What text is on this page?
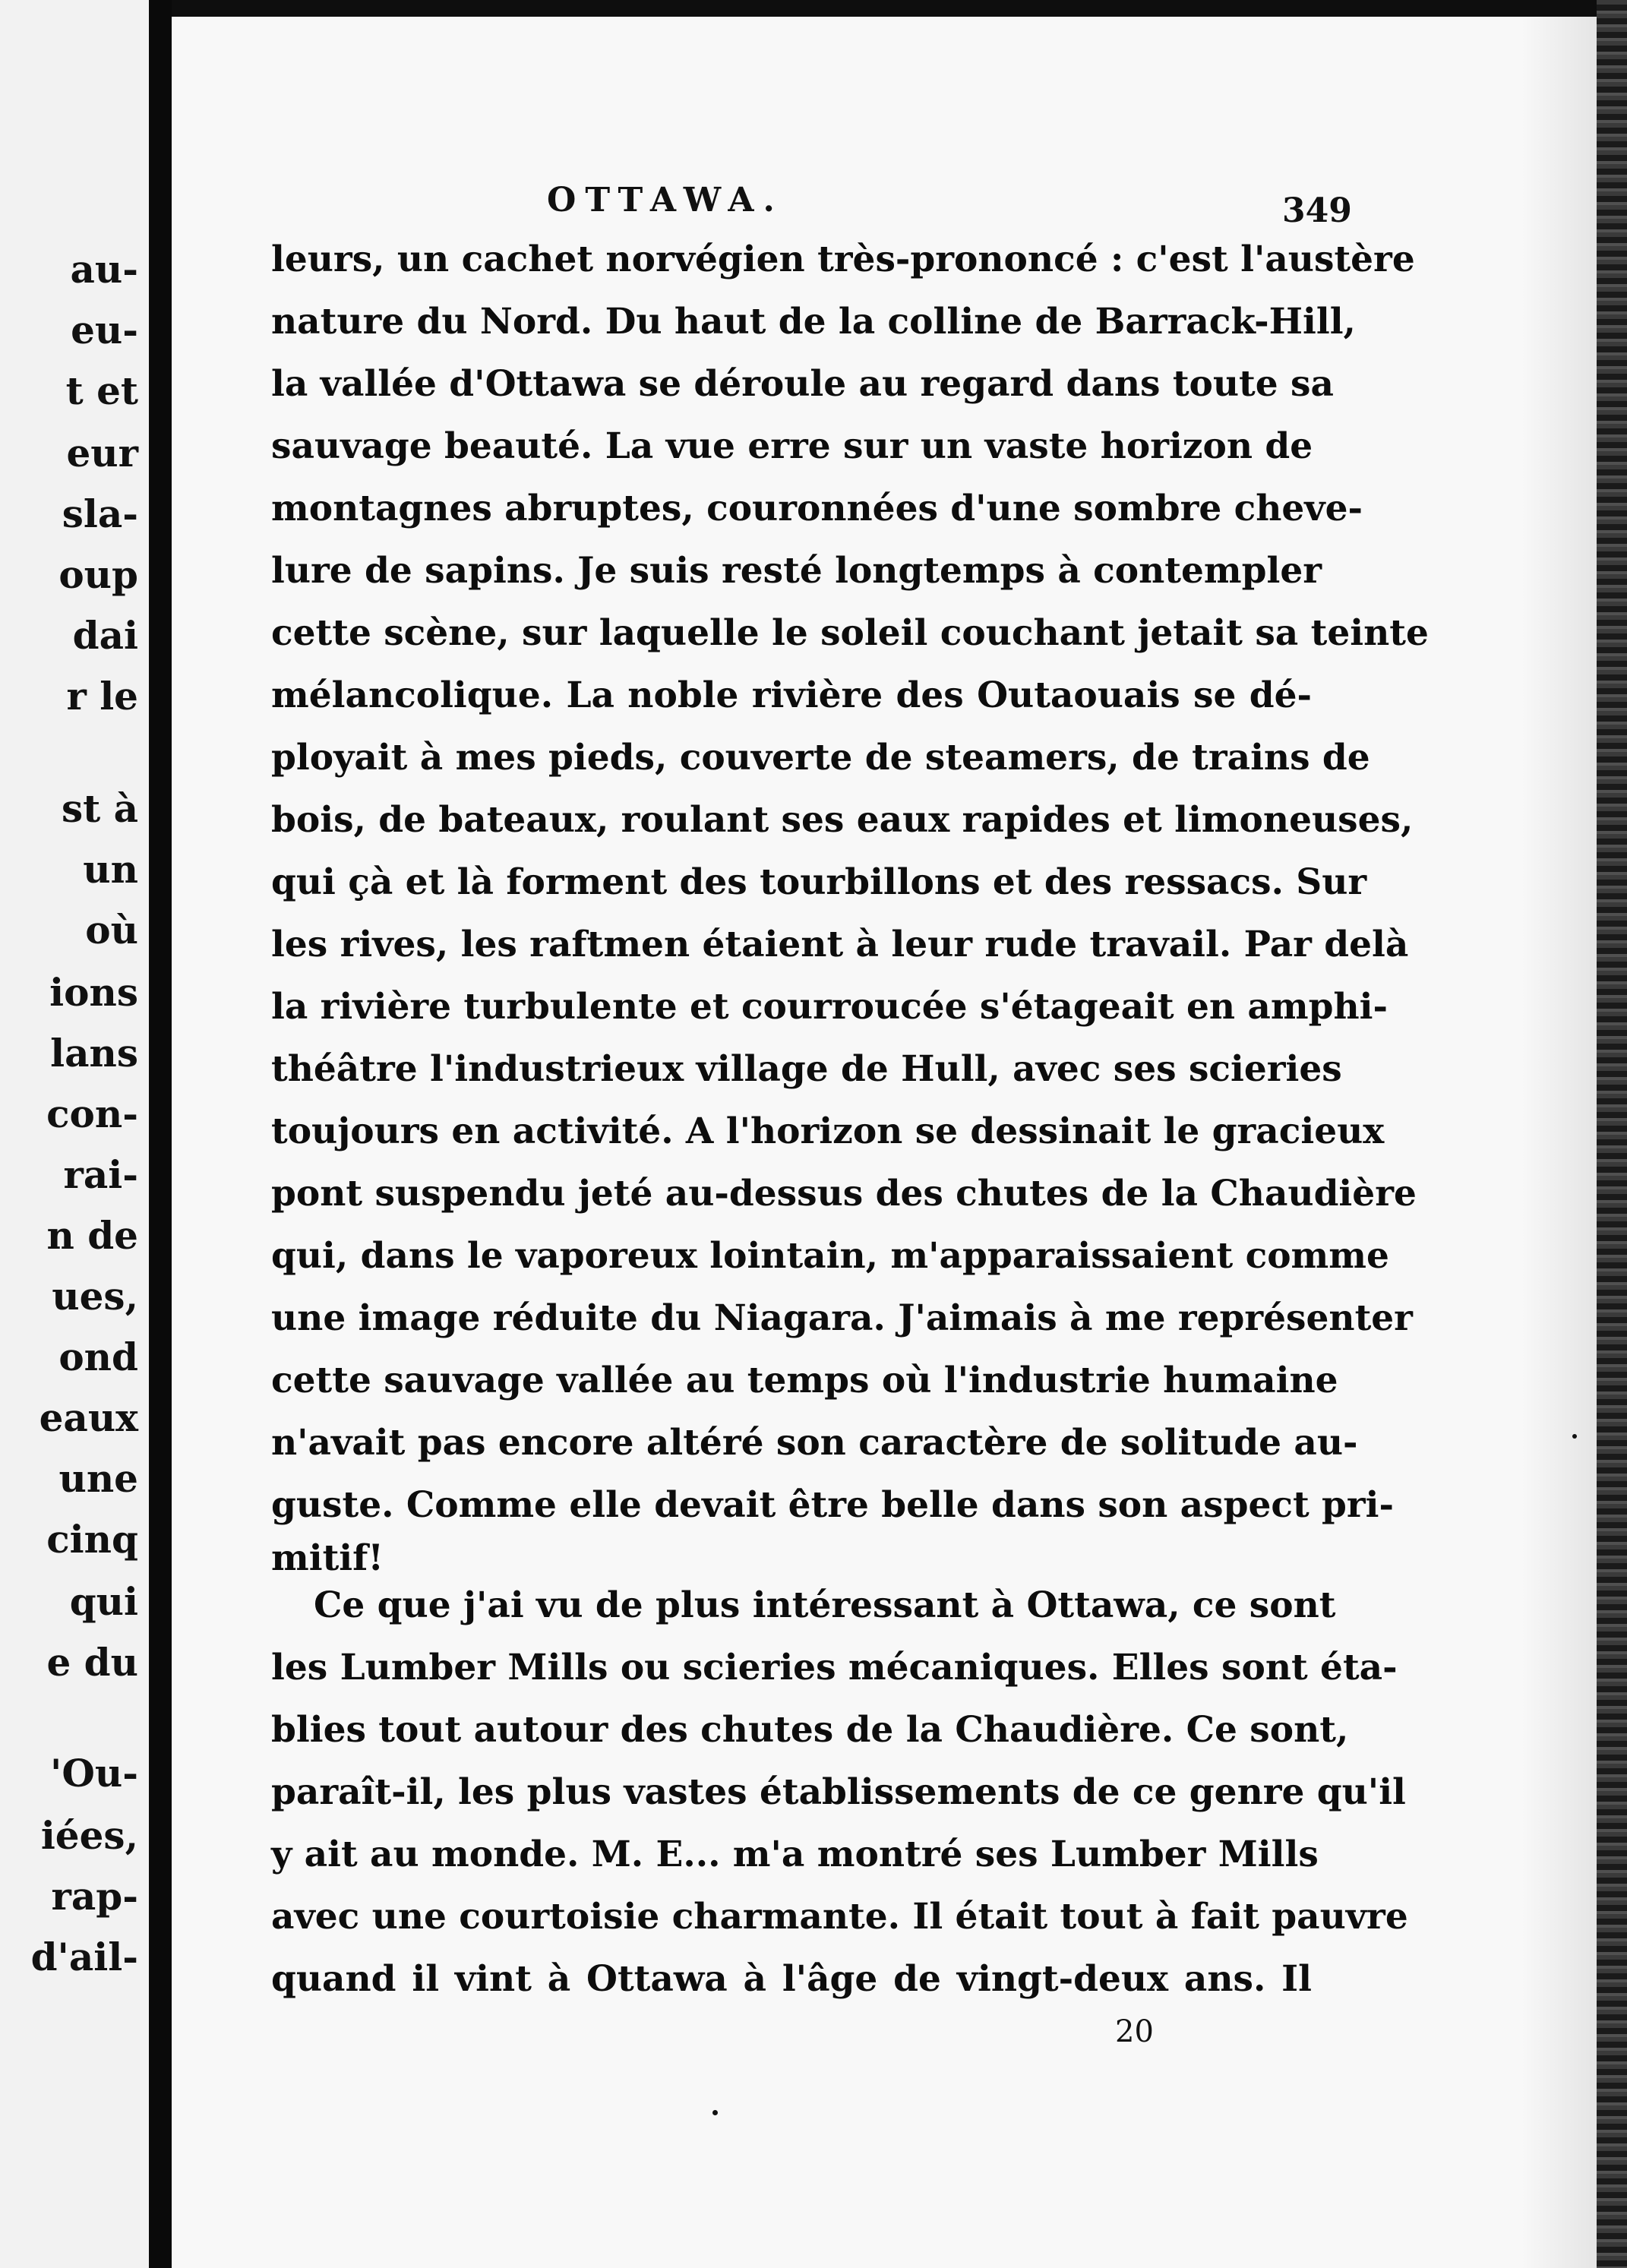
au-
eu-
t et
eur
sla-
oup
dai
r le
st à
un
où
ions
lans
con-
rai-
n de
ues,
ond
eaux
une
cinq
qui
e du
'Ou-
iées,
rap-
d'ail-
OTTAWA.	349
leurs, un cachet norvégien très-prononcé : c'est l'austère
nature du Nord. Du haut de la colline de Barrack-Hill,
la vallée d'Ottawa se déroule au regard dans toute sa
sauvage beauté. La vue erre sur un vaste horizon de
montagnes abruptes, couronnées d'une sombre cheve-
lure de sapins. Je suis resté longtemps à contempler
cette scène, sur laquelle le soleil couchant jetait sa teinte
mélancolique. La noble rivière des Outaouais se dé-
ployait à mes pieds, couverte de steamers, de trains de
bois, de bateaux, roulant ses eaux rapides et limoneuses,
qui çà et là forment des tourbillons et des ressacs. Sur
les rives, les raftmen étaient à leur rude travail. Par delà
la rivière turbulente et courroucée s'étageait en amphi-
théâtre l'industrieux village de Hull, avec ses scieries
toujours en activité. A l'horizon se dessinait le gracieux
pont suspendu jeté au-dessus des chutes de la Chaudière
qui, dans le vaporeux lointain, m'apparaissaient comme
une image réduite du Niagara. J'aimais à me représenter
cette sauvage vallée au temps où l'industrie humaine
n'avait pas encore altéré son caractère de solitude au-
guste. Comme elle devait être belle dans son aspect pri-
mitif!
Ce que j'ai vu de plus intéressant à Ottawa, ce sont
les Lumber Mills ou scieries mécaniques. Elles sont éta-
blies tout autour des chutes de la Chaudière. Ce sont,
paraît-il, les plus vastes établissements de ce genre qu'il
y ait au monde. M. E... m'a montré ses Lumber Mills
avec une courtoisie charmante. Il était tout à fait pauvre
quand il vint à Ottawa à l'âge de vingt-deux ans. Il
20
